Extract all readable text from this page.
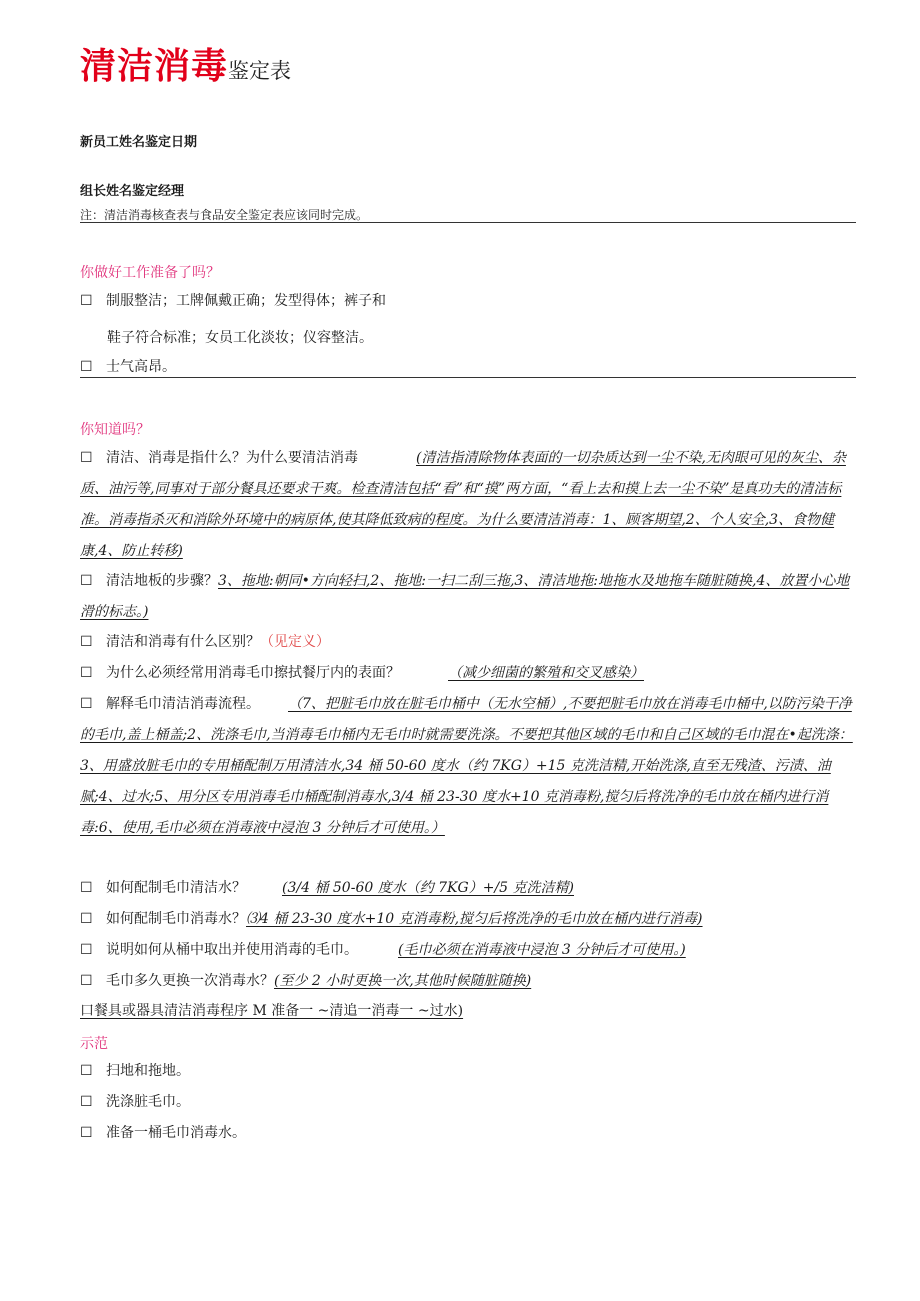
清洁消毒鉴定表
新员工姓名鉴定日期
组长姓名鉴定经理
注：清洁消毒核查表与食品安全鉴定表应该同时完成。
你做好工作准备了吗？
☐ 制服整洁；工牌佩戴正确；发型得体；裤子和
鞋子符合标准；女员工化淡妆；仪容整洁。
☐ 士气高昂。
你知道吗？
☐ 清洁、消毒是指什么？为什么要清洁消毒	(清洁指清除物体表面的一切杂质达到一尘不染,无肉眼可见的灰尘、杂质、油污等,同事对于部分餐具还要求干爽。检查清洁包括“看”和“摸”两方面，“看上去和摸上去一尘不染”是真功夫的清洁标准。消毒指杀灭和消除外环境中的病原体,使其降低致病的程度。为什么要清洁消毒：1、顾客期望,2、个人安全,3、食物健康,4、防止转移)
☐ 清洁地板的步骤？3、拖地:朝同•方向轻扫,2、拖地:一扫二刮三拖,3、清洁地拖:地拖水及地拖车随脏随换,4、放置小心地滑的标志。)
☐ 清洁和消毒有什么区别？（见定义）
☐ 为什么必须经常用消毒毛巾擦拭餐厅内的表面？	（减少细菌的繁殖和交叉感染）
☐ 解释毛巾清洁消毒流程。 （7、把脏毛巾放在脏毛巾桶中（无水空桶）,不要把脏毛巾放在消毒毛巾桶中,以防污染干净的毛巾,盖上桶盖;2、洗涤毛巾,当消毒毛巾桶内无毛巾时就需要洗涤。不要把其他区域的毛巾和自己区域的毛巾混在•起洗涤：3、用盛放脏毛巾的专用桶配制万用清洁水,34 桶 50-60 度水（约 7KG）+15 克洗洁精,开始洗涤,直至无残渣、污渍、油腻;4、过水;5、用分区专用消毒毛巾桶配制消毒水,3/4 桶 23-30 度水+10 克消毒粉,搅匀后将洗净的毛巾放在桶内进行消毒:6、使用,毛巾必须在消毒液中浸泡 3 分钟后才可使用。）
☐ 如何配制毛巾清洁水？	(3/4 桶 50-60 度水（约 7KG）+/5 克洗洁精)
☐ 如何配制毛巾消毒水？⑶4 桶 23-30 度水+10 克消毒粉,搅匀后将洗净的毛巾放在桶内进行消毒)
☐ 说明如何从桶中取出并使用消毒的毛巾。	(毛巾必须在消毒液中浸泡 3 分钟后才可使用。)
☐ 毛巾多久更换一次消毒水？(至少 2 小时更换一次,其他时候随脏随换)
口餐具或器具清洁消毒程序 M 准备一 ~清追一消毒一 ~过水)
示范
☐ 扫地和拖地。
☐ 洗涤脏毛巾。
☐ 准备一桶毛巾消毒水。
